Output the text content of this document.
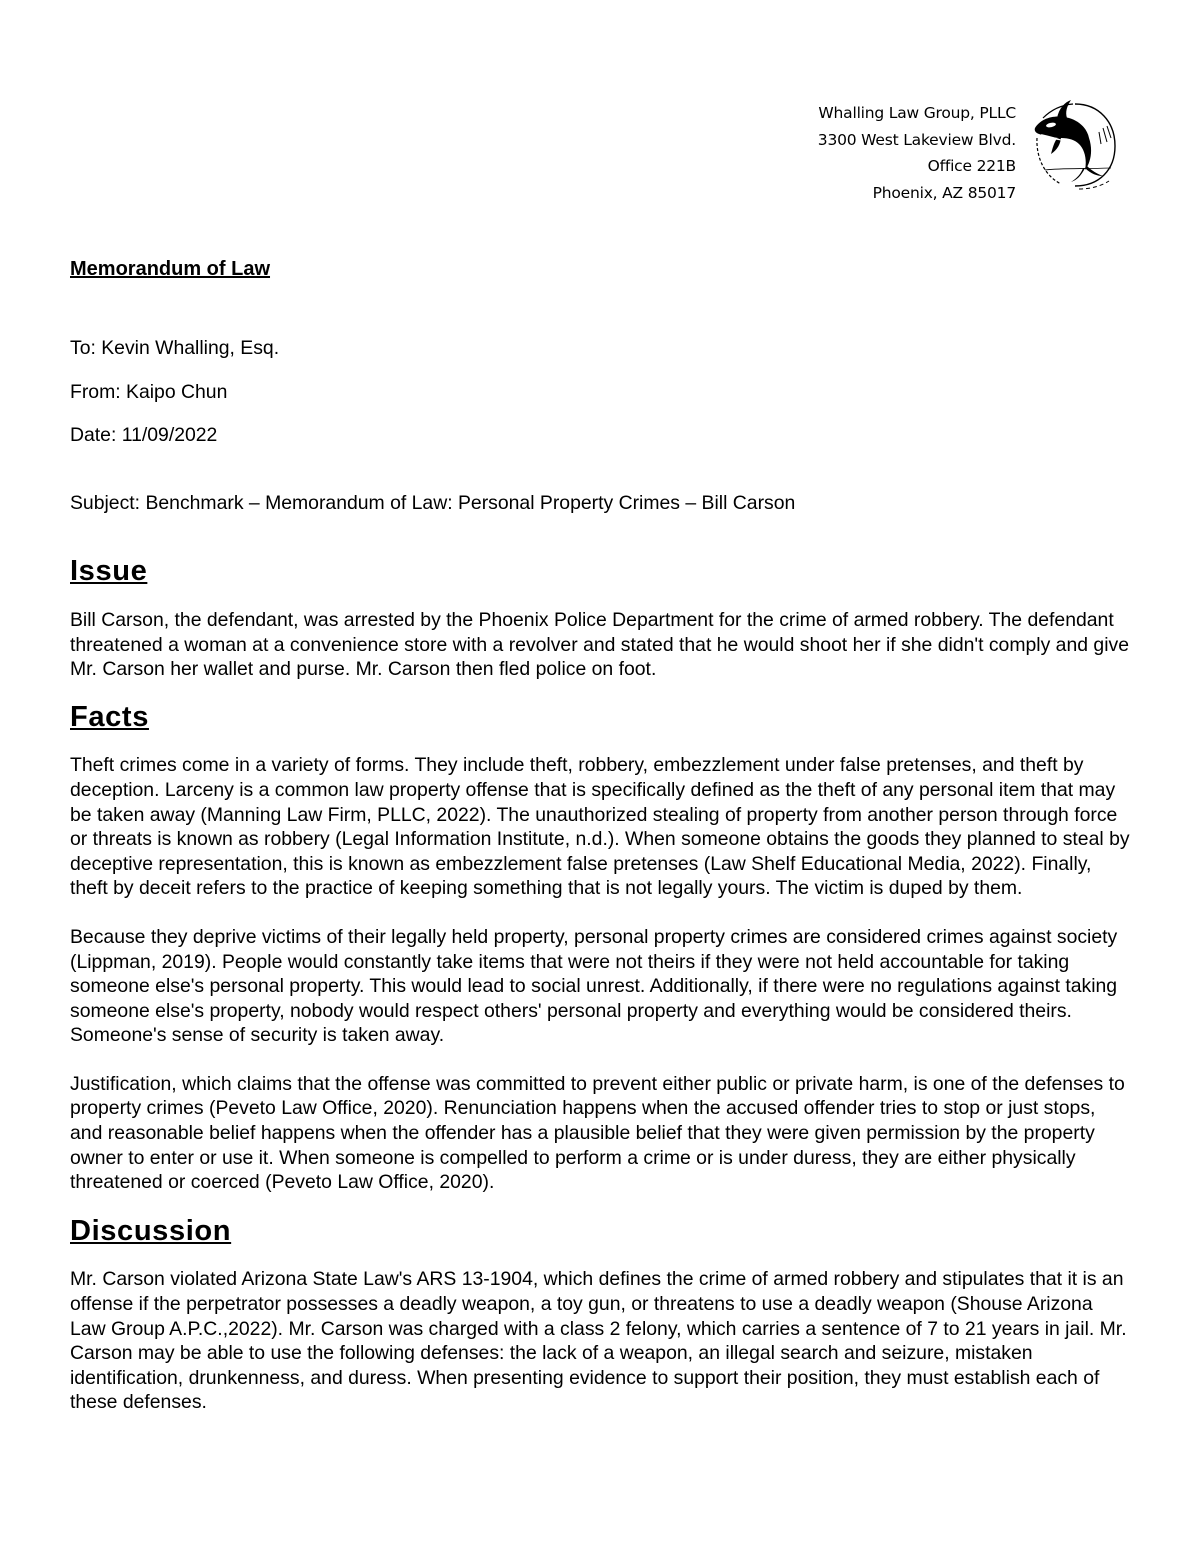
Whalling Law Group, PLLC
3300 West Lakeview Blvd.
Office 221B
Phoenix, AZ 85017
Memorandum of Law

To: Kevin Whalling, Esq.

From: Kaipo Chun

Date: 11/09/2022

Subject: Benchmark – Memorandum of Law: Personal Property Crimes – Bill Carson

Issue

Bill Carson, the defendant, was arrested by the Phoenix Police Department for the crime of armed robbery. The defendant threatened a woman at a convenience store with a revolver and stated that he would shoot her if she didn't comply and give Mr. Carson her wallet and purse. Mr. Carson then fled police on foot.

Facts

Theft crimes come in a variety of forms. They include theft, robbery, embezzlement under false pretenses, and theft by deception. Larceny is a common law property offense that is specifically defined as the theft of any personal item that may be taken away (Manning Law Firm, PLLC, 2022). The unauthorized stealing of property from another person through force or threats is known as robbery (Legal Information Institute, n.d.). When someone obtains the goods they planned to steal by deceptive representation, this is known as embezzlement false pretenses (Law Shelf Educational Media, 2022). Finally, theft by deceit refers to the practice of keeping something that is not legally yours. The victim is duped by them.

Because they deprive victims of their legally held property, personal property crimes are considered crimes against society (Lippman, 2019). People would constantly take items that were not theirs if they were not held accountable for taking someone else's personal property. This would lead to social unrest. Additionally, if there were no regulations against taking someone else's property, nobody would respect others' personal property and everything would be considered theirs. Someone's sense of security is taken away.

Justification, which claims that the offense was committed to prevent either public or private harm, is one of the defenses to property crimes (Peveto Law Office, 2020). Renunciation happens when the accused offender tries to stop or just stops, and reasonable belief happens when the offender has a plausible belief that they were given permission by the property owner to enter or use it. When someone is compelled to perform a crime or is under duress, they are either physically threatened or coerced (Peveto Law Office, 2020).

Discussion

Mr. Carson violated Arizona State Law's ARS 13-1904, which defines the crime of armed robbery and stipulates that it is an offense if the perpetrator possesses a deadly weapon, a toy gun, or threatens to use a deadly weapon (Shouse Arizona Law Group A.P.C.,2022). Mr. Carson was charged with a class 2 felony, which carries a sentence of 7 to 21 years in jail. Mr. Carson may be able to use the following defenses: the lack of a weapon, an illegal search and seizure, mistaken identification, drunkenness, and duress. When presenting evidence to support their position, they must establish each of these defenses.
